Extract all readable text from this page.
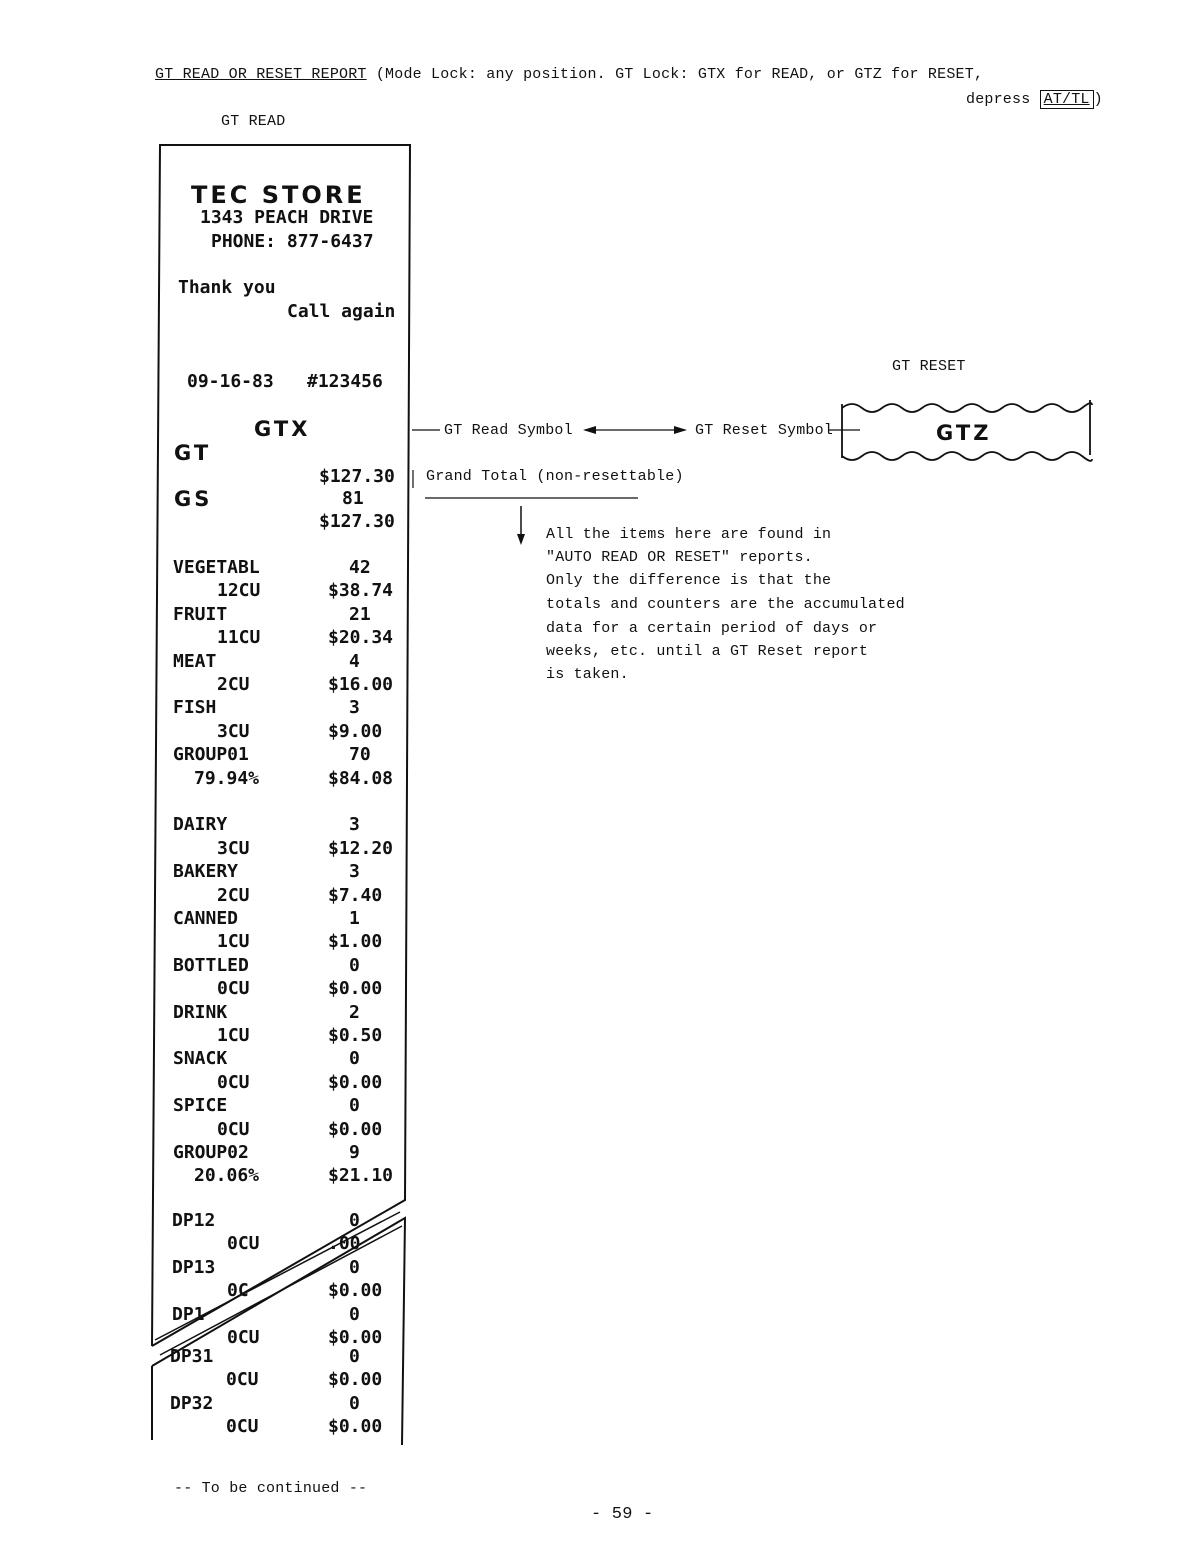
GT READ OR RESET REPORT (Mode Lock: any position. GT Lock: GTX for READ, or GTZ for RESET,
depress AT/TL )
GT READ
GT RESET
TEC STORE
1343 PEACH DRIVE
PHONE: 877-6437
Thank you
Call again
09-16-83 #123456
GTX
GT
$127.30
GS	81
$127.30
VEGETABL	42
12CU	$38.74
FRUIT	21
11CU	$20.34
MEAT	4
2CU	$16.00
FISH	3
3CU	$9.00
GROUP01	70
79.94%	$84.08
DAIRY	3
3CU	$12.20
BAKERY	3
2CU	$7.40
CANNED	1
1CU	$1.00
BOTTLED	0
0CU	$0.00
DRINK	2
1CU	$0.50
SNACK	0
0CU	$0.00
SPICE	0
0CU	$0.00
GROUP02	9
20.06%	$21.10
DP12	0
0CU	.00
DP13	0
0C	$0.00
DP1	0
0CU	$0.00
DP31	0
0CU	$0.00
DP32	0
0CU	$0.00
GT Read Symbol	GT Reset Symbol	GTZ
Grand Total (non-resettable)
All the items here are found in
"AUTO READ OR RESET" reports.
Only the difference is that the
totals and counters are the accumulated
data for a certain period of days or
weeks, etc. until a GT Reset report
is taken.
-- To be continued --
- 59 -
